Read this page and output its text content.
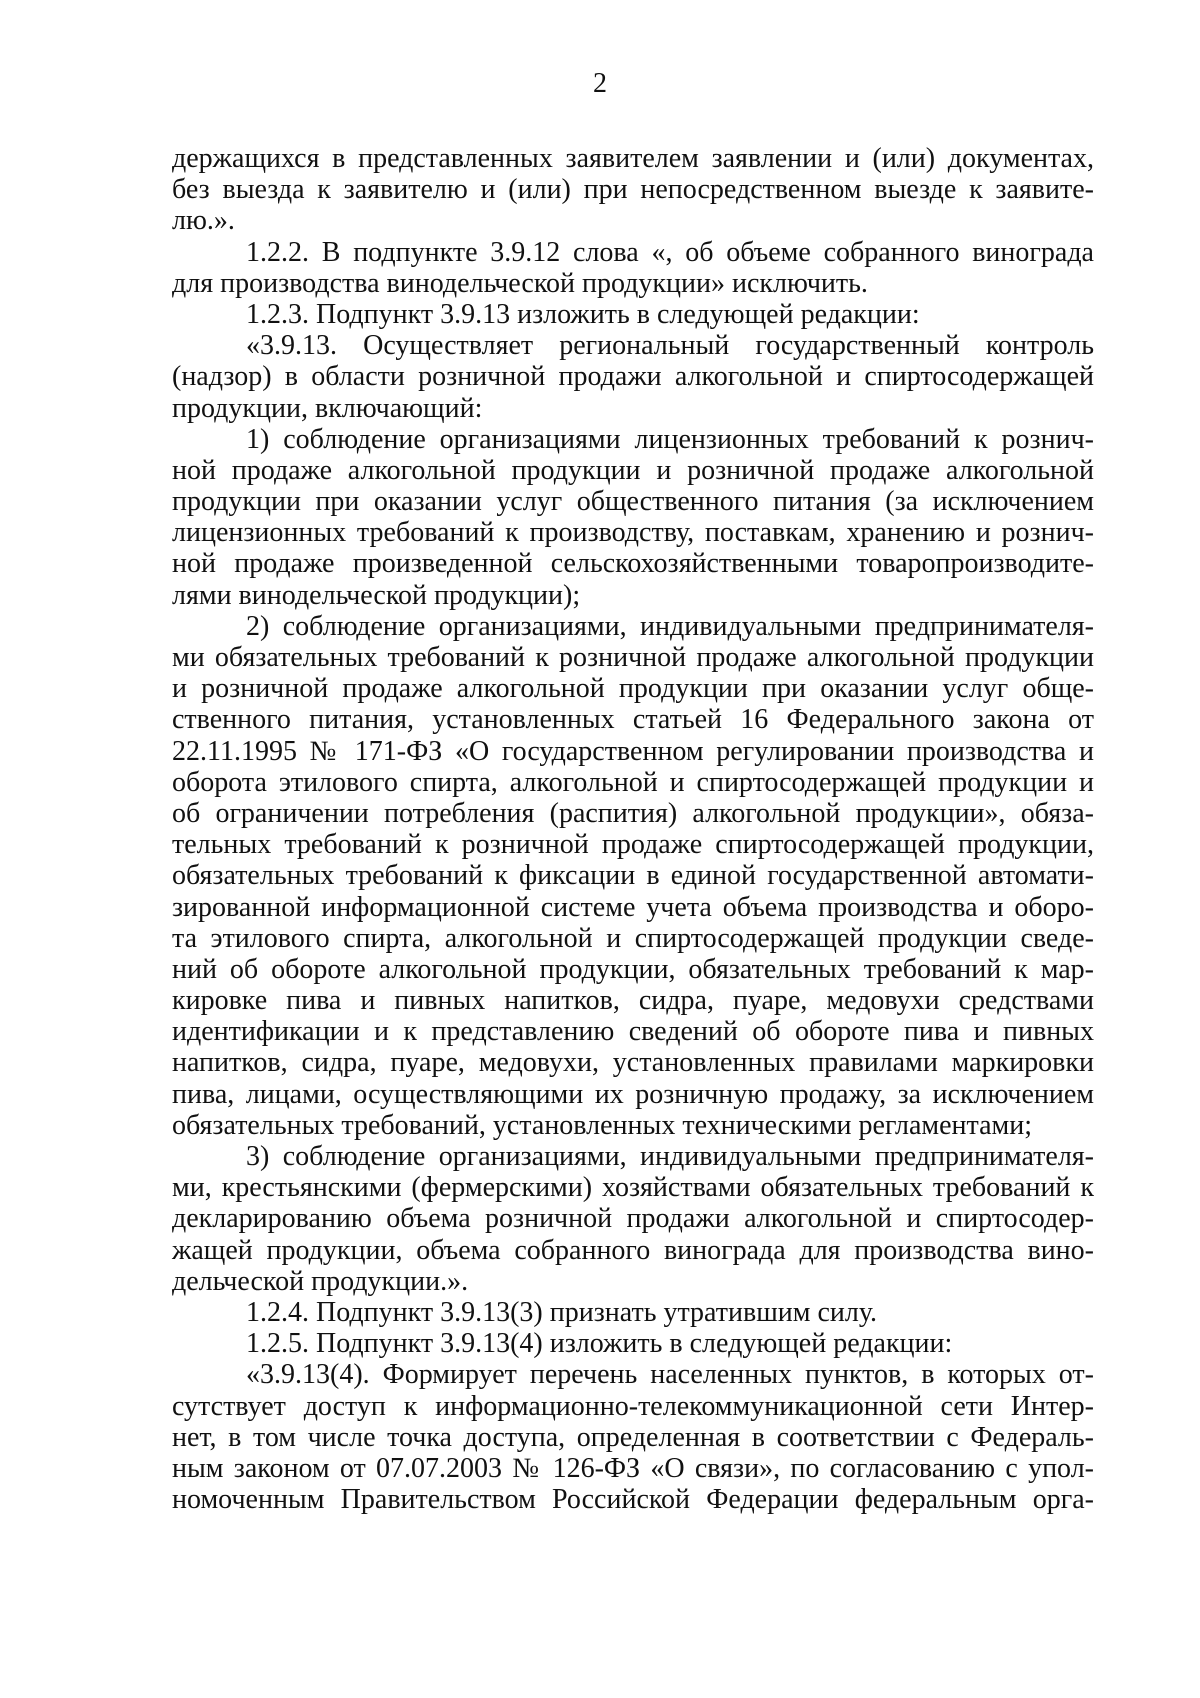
2
держащихся в представленных заявителем заявлении и (или) документах,
без выезда к заявителю и (или) при непосредственном выезде к заявите-
лю.».
1.2.2. В подпункте 3.9.12 слова «, об объеме собранного винограда
для производства винодельческой продукции» исключить.
1.2.3. Подпункт 3.9.13 изложить в следующей редакции:
«3.9.13. Осуществляет региональный государственный контроль
(надзор) в области розничной продажи алкогольной и спиртосодержащей
продукции, включающий:
1) соблюдение организациями лицензионных требований к рознич-
ной продаже алкогольной продукции и розничной продаже алкогольной
продукции при оказании услуг общественного питания (за исключением
лицензионных требований к производству, поставкам, хранению и рознич-
ной продаже произведенной сельскохозяйственными товаропроизводите-
лями винодельческой продукции);
2) соблюдение организациями, индивидуальными предпринимателя-
ми обязательных требований к розничной продаже алкогольной продукции
и розничной продаже алкогольной продукции при оказании услуг обще-
ственного питания, установленных статьей 16 Федерального закона от
22.11.1995 № 171-ФЗ «О государственном регулировании производства и
оборота этилового спирта, алкогольной и спиртосодержащей продукции и
об ограничении потребления (распития) алкогольной продукции», обяза-
тельных требований к розничной продаже спиртосодержащей продукции,
обязательных требований к фиксации в единой государственной автомати-
зированной информационной системе учета объема производства и оборо-
та этилового спирта, алкогольной и спиртосодержащей продукции сведе-
ний об обороте алкогольной продукции, обязательных требований к мар-
кировке пива и пивных напитков, сидра, пуаре, медовухи средствами
идентификации и к представлению сведений об обороте пива и пивных
напитков, сидра, пуаре, медовухи, установленных правилами маркировки
пива, лицами, осуществляющими их розничную продажу, за исключением
обязательных требований, установленных техническими регламентами;
3) соблюдение организациями, индивидуальными предпринимателя-
ми, крестьянскими (фермерскими) хозяйствами обязательных требований к
декларированию объема розничной продажи алкогольной и спиртосодер-
жащей продукции, объема собранного винограда для производства вино-
дельческой продукции.».
1.2.4. Подпункт 3.9.13(3) признать утратившим силу.
1.2.5. Подпункт 3.9.13(4) изложить в следующей редакции:
«3.9.13(4). Формирует перечень населенных пунктов, в которых от-
сутствует доступ к информационно-телекоммуникационной сети Интер-
нет, в том числе точка доступа, определенная в соответствии с Федераль-
ным законом от 07.07.2003 № 126-ФЗ «О связи», по согласованию с упол-
номоченным Правительством Российской Федерации федеральным орга-
